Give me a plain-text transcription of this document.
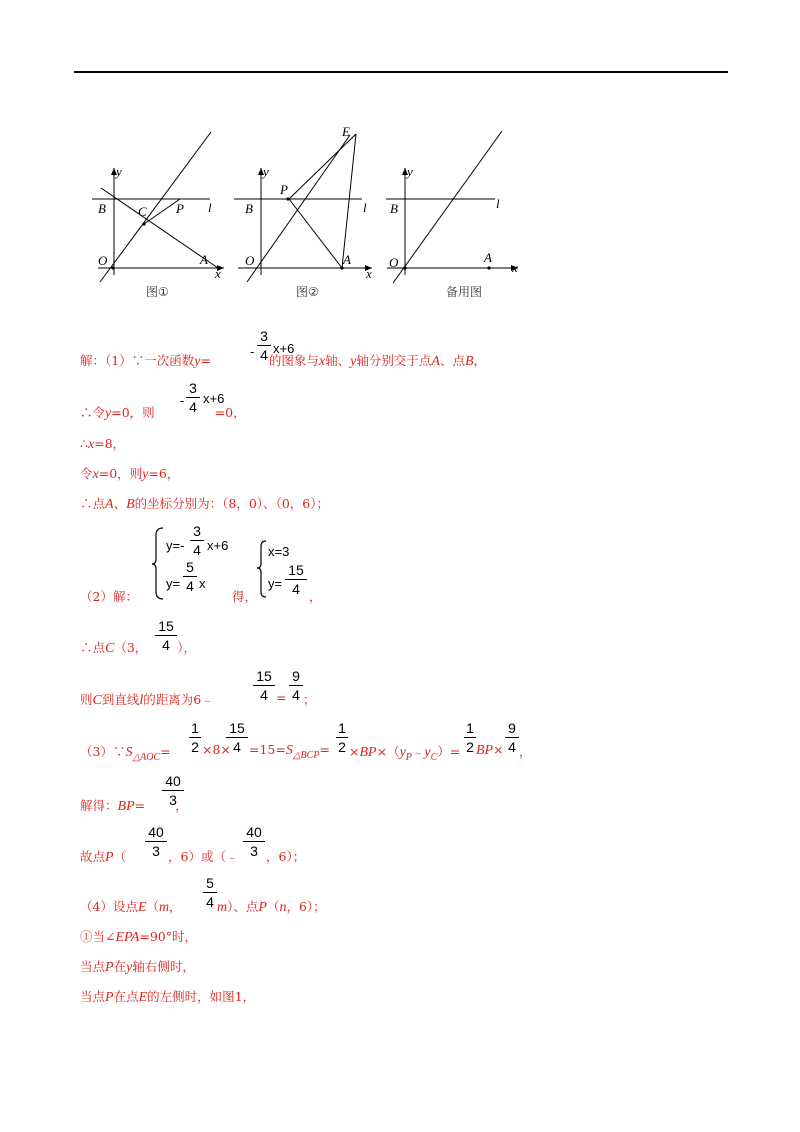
y
x
B C P l
O	A
E
y
P
B	l
O	A
x
y
B	l
O	A
x
图①	图②	备用图
解：（1）∵一次函数y=	的图象与x轴、y轴分别交于点A、点B，
-
3
4 x+6
∴令y=0，则	=0，
-
3
4
x+6
∴x=8，
令x=0，则y=6，
∴点A、B的坐标分别为：（8，0）、（0，6）；
（2）解：
y=-
3
4 x+6
y=
5
4 x
得，
x=3
y=
15
4 ，
∴点C（3， ），
15
4
则C到直线l的距离为6﹣
15
4 =
9
4 ；
$(3)\because S_{\triangle AOC}=$
1
2 ×8×
15
$4 =15=S_{\triangle BCP}=$
1
$2 \times BP\times(y_P﹣y_C)=$
1
2 BP×
9
4 ，
解得：BP= ，
40
3
故点P（
40
3 ，6）或（﹣
40
3 ，6）；
（4）设点E（m，
5
4 m）、点P（n，6）；
①当∠EPA=90°时，
当点P在y轴右侧时，
当点P在点E的左侧时，如图1，
